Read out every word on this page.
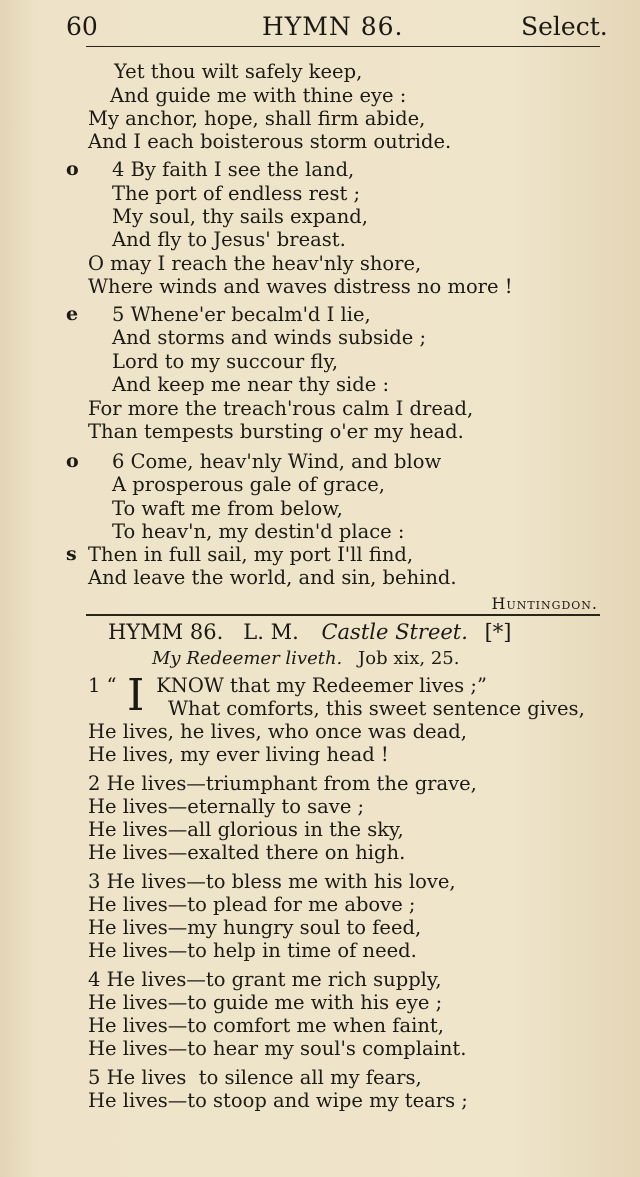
60	HYMN 86.	Select.
Yet thou wilt safely keep,
And guide me with thine eye :
My anchor, hope, shall firm abide,
And I each boisterous storm outride.
o 4 By faith I see the land,
The port of endless rest ;
My soul, thy sails expand,
And fly to Jesus' breast.
O may I reach the heav'nly shore,
Where winds and waves distress no more !
e 5 Whene'er becalm'd I lie,
And storms and winds subside ;
Lord to my succour fly,
And keep me near thy side :
For more the treach'rous calm I dread,
Than tempests bursting o'er my head.
o 6 Come, heav'nly Wind, and blow
A prosperous gale of grace,
To waft me from below,
To heav'n, my destin'd place :
s Then in full sail, my port I'll find,
And leave the world, and sin, behind.
Huntingdon.
HYMM 86.   L. M. Castle Street. [*]
My Redeemer liveth. Job xix, 25.
1 “ I KNOW that my Redeemer lives ;”
What comforts, this sweet sentence gives,
He lives, he lives, who once was dead,
He lives, my ever living head !
2 He lives—triumphant from the grave,
He lives—eternally to save ;
He lives—all glorious in the sky,
He lives—exalted there on high.
3 He lives—to bless me with his love,
He lives—to plead for me above ;
He lives—my hungry soul to feed,
He lives—to help in time of need.
4 He lives—to grant me rich supply,
He lives—to guide me with his eye ;
He lives—to comfort me when faint,
He lives—to hear my soul's complaint.
5 He lives  to silence all my fears,
He lives—to stoop and wipe my tears ;
